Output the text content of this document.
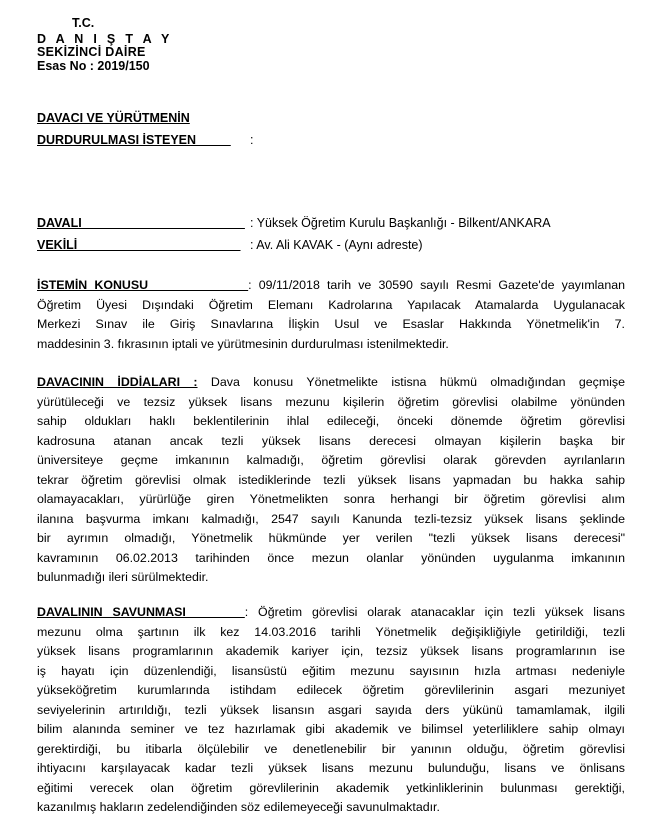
T.C.
D A N I Ş T A Y
SEKİZİNCİ DAİRE
Esas No : 2019/150
DAVACI VE YÜRÜTMENİN
DURDURULMASI İSTEYEN :
DAVALI : Yüksek Öğretim Kurulu Başkanlığı - Bilkent/ANKARA
VEKİLİ : Av. Ali KAVAK - (Aynı adreste)
İSTEMİN KONUSU              : 09/11/2018 tarih ve 30590 sayılı Resmi Gazete'de yayımlanan
Öğretim Üyesi Dışındaki Öğretim Elemanı Kadrolarına Yapılacak Atamalarda Uygulanacak
Merkezi Sınav ile Giriş Sınavlarına İlişkin Usul ve Esaslar Hakkında Yönetmelik'in 7.
maddesinin 3. fıkrasının iptali ve yürütmesinin durdurulması istenilmektedir.
DAVACININ İDDİALARI : Dava konusu Yönetmelikte istisna hükmü olmadığından geçmişe
yürütüleceği ve tezsiz yüksek lisans mezunu kişilerin öğretim görevlisi olabilme yönünden
sahip oldukları haklı beklentilerinin ihlal edileceği, önceki dönemde öğretim görevlisi
kadrosuna atanan ancak tezli yüksek lisans derecesi olmayan kişilerin başka bir
üniversiteye geçme imkanının kalmadığı, öğretim görevlisi olarak görevden ayrılanların
tekrar öğretim görevlisi olmak istediklerinde tezli yüksek lisans yapmadan bu hakka sahip
olamayacakları, yürürlüğe giren Yönetmelikten sonra herhangi bir öğretim görevlisi alım
ilanına başvurma imkanı kalmadığı, 2547 sayılı Kanunda tezli-tezsiz yüksek lisans şeklinde
bir ayrımın olmadığı, Yönetmelik hükmünde yer verilen "tezli yüksek lisans derecesi"
kavramının 06.02.2013 tarihinden önce mezun olanlar yönünden uygulanma imkanının
bulunmadığı ileri sürülmektedir.
DAVALININ SAVUNMASI      : Öğretim görevlisi olarak atanacaklar için tezli yüksek lisans
mezunu olma şartının ilk kez 14.03.2016 tarihli Yönetmelik değişikliğiyle getirildiği, tezli
yüksek lisans programlarının akademik kariyer için, tezsiz yüksek lisans programlarının ise
iş hayatı için düzenlendiği, lisansüstü eğitim mezunu sayısının hızla artması nedeniyle
yükseköğretim kurumlarında istihdam edilecek öğretim görevlilerinin asgari mezuniyet
seviyelerinin artırıldığı, tezli yüksek lisansın asgari sayıda ders yükünü tamamlamak, ilgili
bilim alanında seminer ve tez hazırlamak gibi akademik ve bilimsel yeterliliklere sahip olmayı
gerektirdiği, bu itibarla ölçülebilir ve denetlenebilir bir yanının olduğu, öğretim görevlisi
ihtiyacını karşılayacak kadar tezli yüksek lisans mezunu bulunduğu, lisans ve önlisans
eğitimi verecek olan öğretim görevlilerinin akademik yetkinliklerinin bulunması gerektiği,
kazanılmış hakların zedelendiğinden söz edilemeyeceği savunulmaktadır.
